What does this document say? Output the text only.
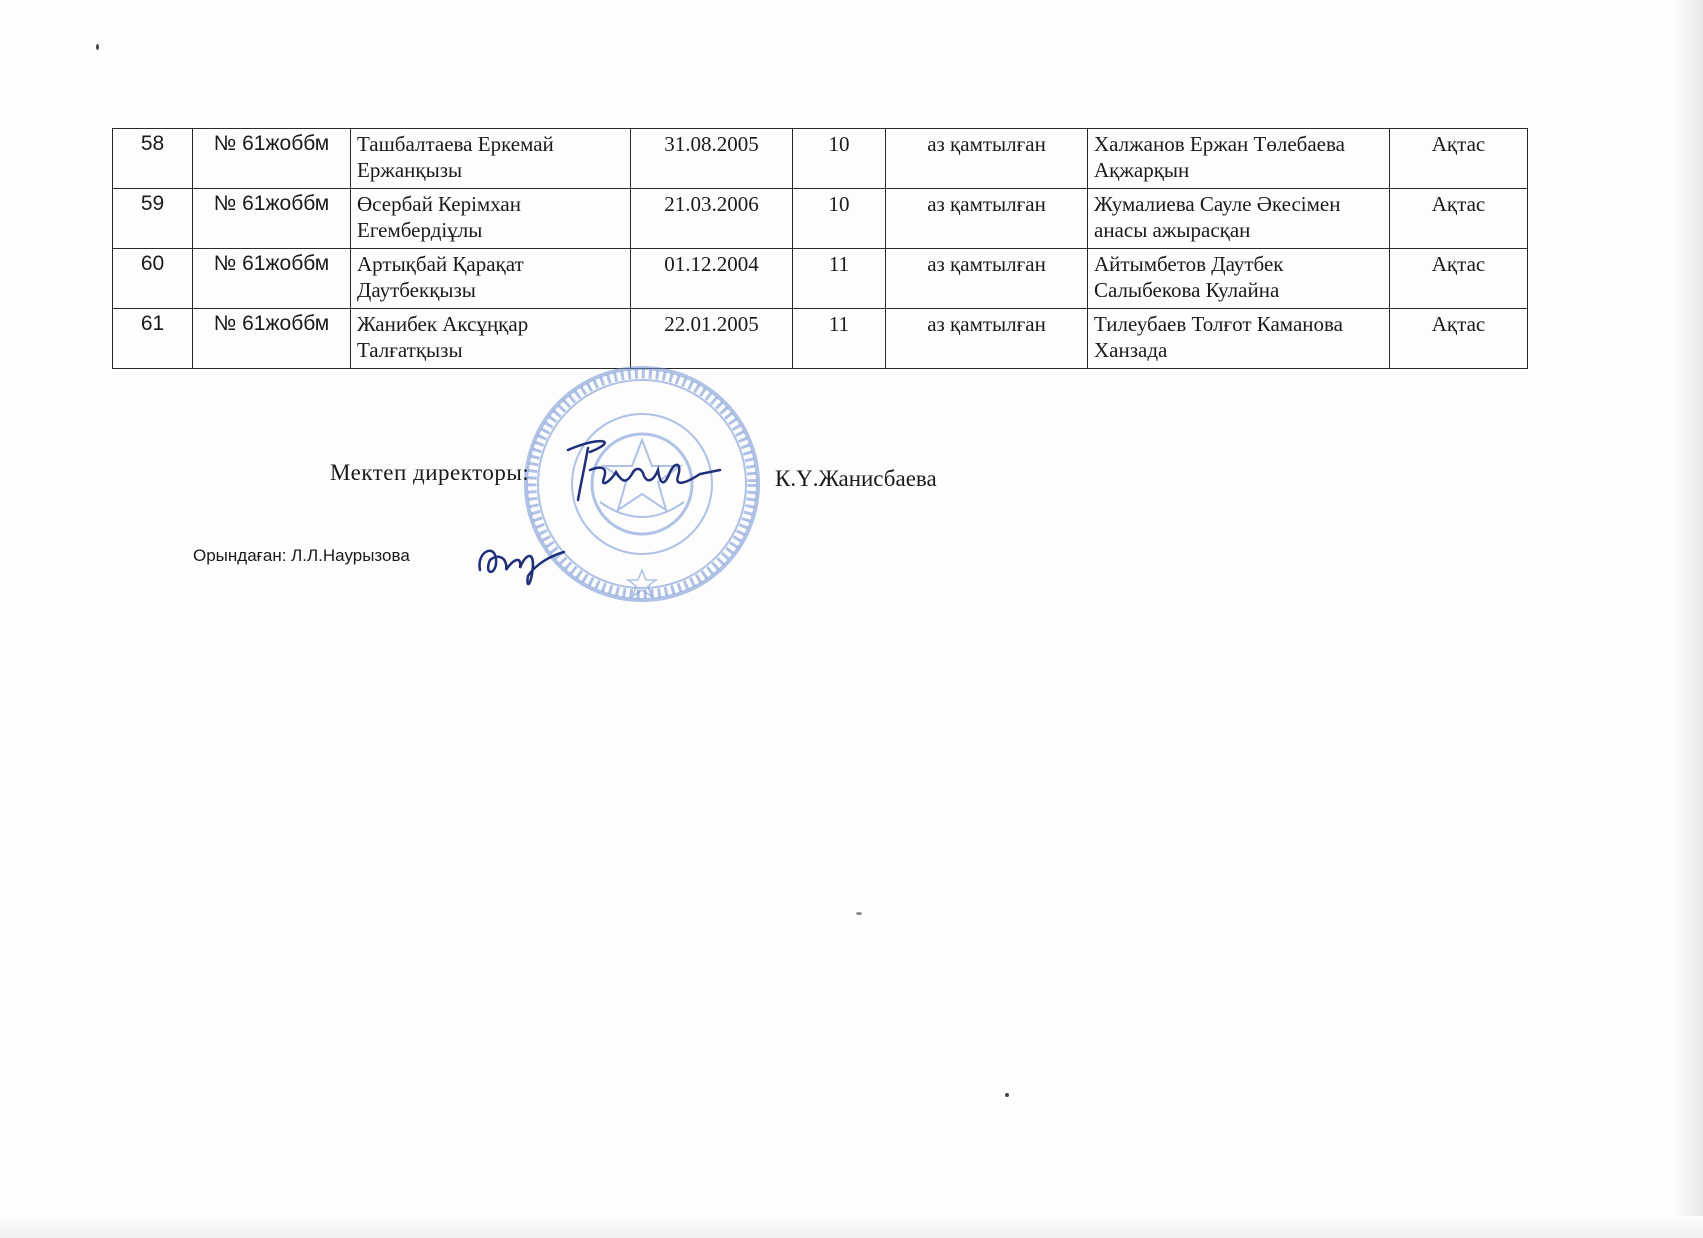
58	№ 61жоббм	Ташбалтаева Еркемай Ержанқызы	31.08.2005	10	аз қамтылған	Халжанов Ержан Төлебаева Ақжарқын	Ақтас
59	№ 61жоббм	Өсербай Керімхан Егембердіұлы	21.03.2006	10	аз қамтылған	Жумалиева Сауле Әкесімен анасы ажырасқан	Ақтас
60	№ 61жоббм	Артықбай Қарақат Даутбекқызы	01.12.2004	11	аз қамтылған	Айтымбетов Даутбек Салыбекова Кулайна	Ақтас
61	№ 61жоббм	Жанибек Аксұңқар Талғатқызы	22.01.2005	11	аз қамтылған	Тилеубаев Толғот Каманова Ханзада	Ақтас
Мектеп директоры:	К.Ү.Жанисбаева
Орындаған: Л.Л.Наурызова
